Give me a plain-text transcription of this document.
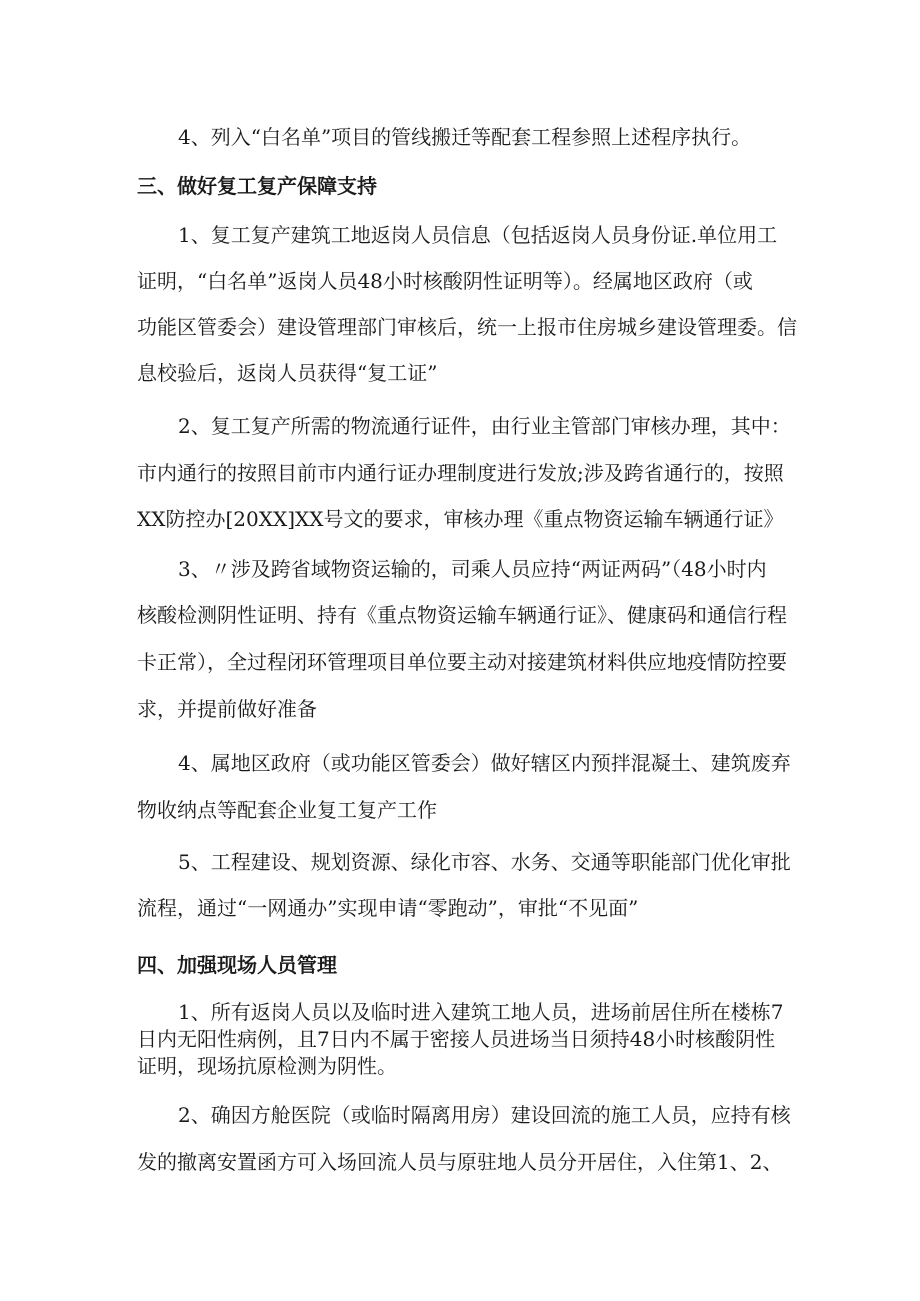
4、列入“白名单”项目的管线搬迁等配套工程参照上述程序执行。
三、做好复工复产保障支持
1、复工复产建筑工地返岗人员信息（包括返岗人员身份证.单位用工
证明，“白名单”返岗人员48小时核酸阴性证明等）。经属地区政府（或
功能区管委会）建设管理部门审核后，统一上报市住房城乡建设管理委。信
息校验后，返岗人员获得“复工证”
2、复工复产所需的物流通行证件，由行业主管部门审核办理，其中：
市内通行的按照目前市内通行证办理制度进行发放;涉及跨省通行的，按照
XX防控办[20XX]XX号文的要求，审核办理《重点物资运输车辆通行证》
3、〃涉及跨省域物资运输的，司乘人员应持“两证两码”（48小时内
核酸检测阴性证明、持有《重点物资运输车辆通行证》、健康码和通信行程
卡正常），全过程闭环管理项目单位要主动对接建筑材料供应地疫情防控要
求，并提前做好准备
4、属地区政府（或功能区管委会）做好辖区内预拌混凝土、建筑废弃
物收纳点等配套企业复工复产工作
5、工程建设、规划资源、绿化市容、水务、交通等职能部门优化审批
流程，通过“一网通办”实现申请“零跑动”，审批“不见面”
四、加强现场人员管理
1、所有返岗人员以及临时进入建筑工地人员，进场前居住所在楼栋7
日内无阳性病例，且7日内不属于密接人员进场当日须持48小时核酸阴性
证明，现场抗原检测为阴性。
2、确因方舱医院（或临时隔离用房）建设回流的施工人员，应持有核
发的撤离安置函方可入场回流人员与原驻地人员分开居住，入住第1、2、
